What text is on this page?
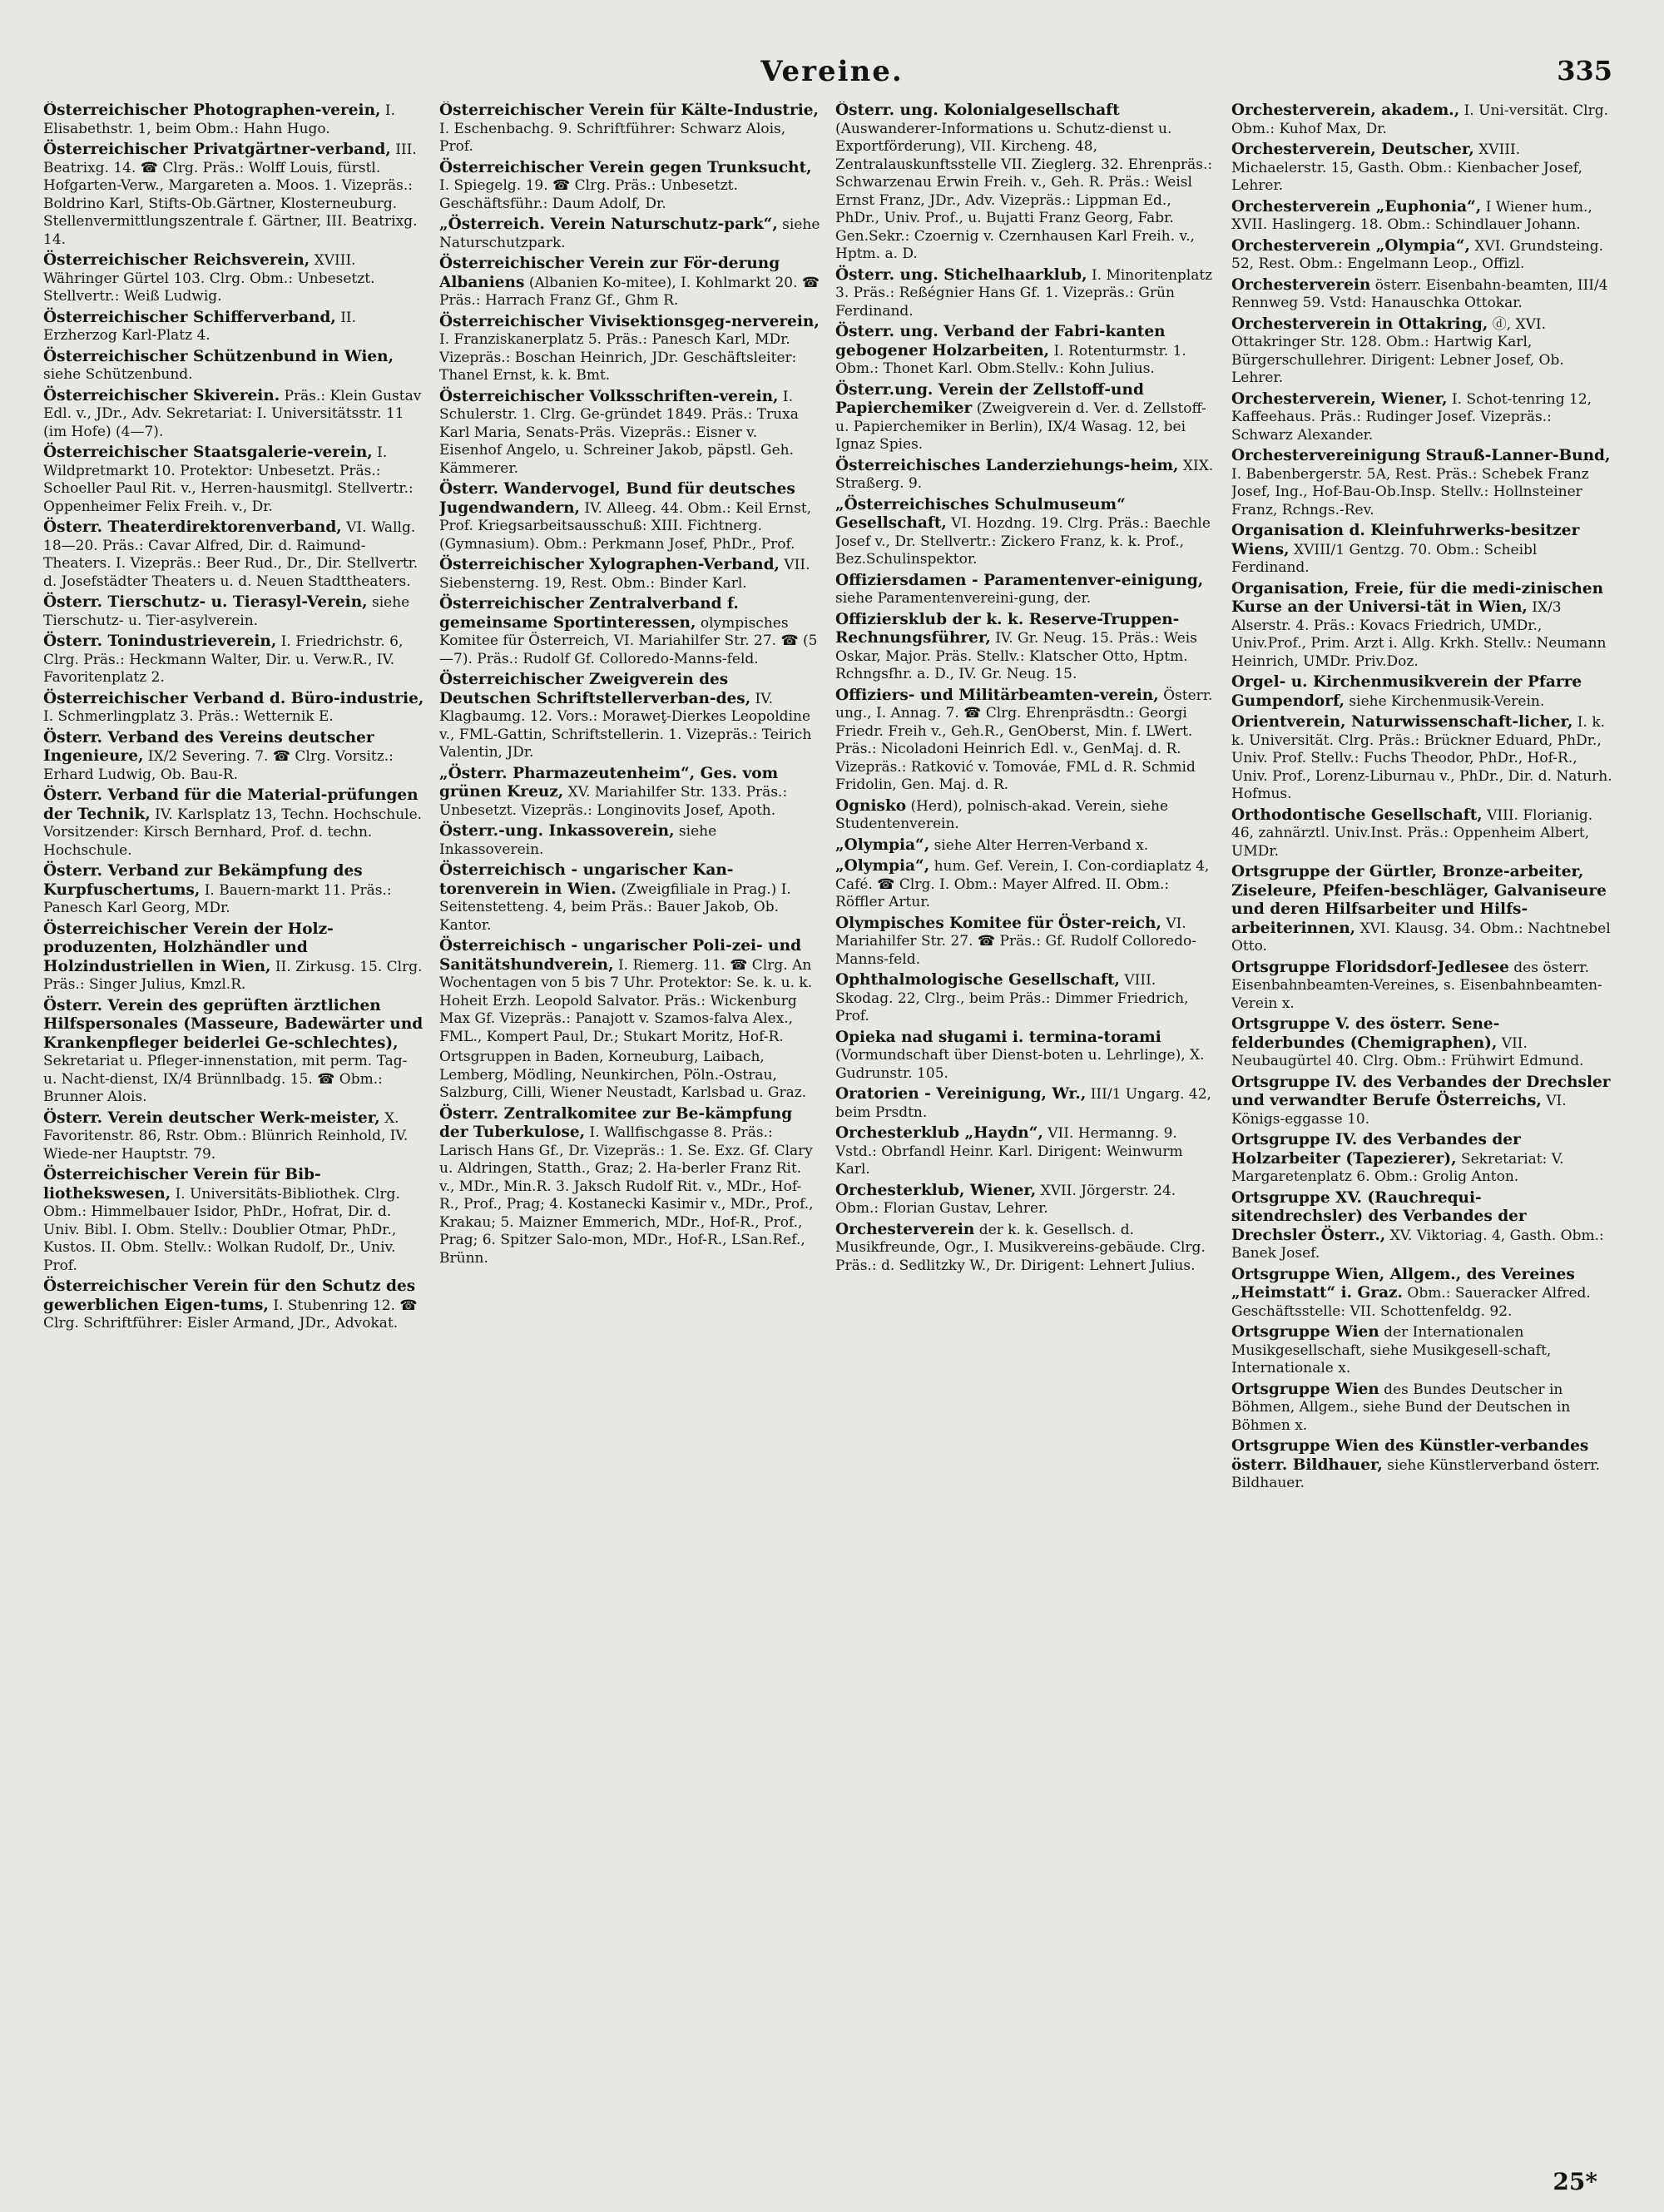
Vereine.	335
Österreichischer Photographen-verein, I. Elisabethstr. 1, beim Obm.: Hahn Hugo.
Österreichischer Privatgärtner-verband, III. Beatrixg. 14. ☎ Clrg. Präs.: Wolff Louis, fürstl. Hofgarten-Verw., Margareten a. Moos. 1. Vizepräs.: Boldrino Karl, Stifts-Ob.Gärtner, Klosterneuburg. Stellenvermittlungszentrale f. Gärtner, III. Beatrixg. 14.
Österreichischer Reichsverein, XVIII. Währinger Gürtel 103. Clrg. Obm.: Unbesetzt. Stellvertr.: Weiß Ludwig.
Österreichischer Schifferverband, II. Erzherzog Karl-Platz 4.
Österreichischer Schützenbund in Wien, siehe Schützenbund.
Österreichischer Skiverein. Präs.: Klein Gustav Edl. v., JDr., Adv. Sekretariat: I. Universitätsstr. 11 (im Hofe) (4—7).
Österreichischer Staatsgalerie-verein, I. Wildpretmarkt 10. Protektor: Unbesetzt. Präs.: Schoeller Paul Rit. v., Herren-hausmitgl. Stellvertr.: Oppenheimer Felix Freih. v., Dr.
Österr. Theaterdirektorenverband, VI. Wallg. 18—20. Präs.: Cavar Alfred, Dir. d. Raimund-Theaters. I. Vizepräs.: Beer Rud., Dr., Dir. Stellvertr. d. Josefstädter Theaters u. d. Neuen Stadttheaters.
Österr. Tierschutz- u. Tierasyl-Verein, siehe Tierschutz- u. Tier-asylverein.
Österr. Tonindustrieverein, I. Friedrichstr. 6, Clrg. Präs.: Heckmann Walter, Dir. u. Verw.R., IV. Favoritenplatz 2.
Österreichischer Verband d. Büro-industrie, I. Schmerlingplatz 3. Präs.: Wetternik E.
Österr. Verband des Vereins deutscher Ingenieure, IX/2 Severing. 7. ☎ Clrg. Vorsitz.: Erhard Ludwig, Ob. Bau-R.
Österr. Verband für die Material-prüfungen der Technik, IV. Karlsplatz 13, Techn. Hochschule. Vorsitzender: Kirsch Bernhard, Prof. d. techn. Hochschule.
Österr. Verband zur Bekämpfung des Kurpfuschertums, I. Bauern-markt 11. Präs.: Panesch Karl Georg, MDr.
Österreichischer Verein der Holz-produzenten, Holzhändler und Holzindustriellen in Wien, II. Zirkusg. 15. Clrg. Präs.: Singer Julius, Kmzl.R.
Österr. Verein des geprüften ärztlichen Hilfspersonales (Masseure, Badewärter und Krankenpfleger beiderlei Ge-schlechtes), Sekretariat u. Pfleger-innenstation, mit perm. Tag- u. Nacht-dienst, IX/4 Brünnlbadg. 15. ☎ Obm.: Brunner Alois.
Österr. Verein deutscher Werk-meister, X. Favoritenstr. 86, Rstr. Obm.: Blünrich Reinhold, IV. Wiede-ner Hauptstr. 79.
Österreichischer Verein für Bib-liothekswesen, I. Universitäts-Bibliothek. Clrg. Obm.: Himmelbauer Isidor, PhDr., Hofrat, Dir. d. Univ. Bibl. I. Obm. Stellv.: Doublier Otmar, PhDr., Kustos. II. Obm. Stellv.: Wolkan Rudolf, Dr., Univ. Prof.
Österreichischer Verein für den Schutz des gewerblichen Eigen-tums, I. Stubenring 12. ☎ Clrg. Schriftführer: Eisler Armand, JDr., Advokat.
Österreichischer Verein für Kälte-Industrie, I. Eschenbachg. 9. Schriftführer: Schwarz Alois, Prof.
Österreichischer Verein gegen Trunksucht, I. Spiegelg. 19. ☎ Clrg. Präs.: Unbesetzt. Geschäftsführ.: Daum Adolf, Dr.
„Österreich. Verein Naturschutz-park“, siehe Naturschutzpark.
Österreichischer Verein zur För-derung Albaniens (Albanien Ko-mitee), I. Kohlmarkt 20. ☎ Präs.: Harrach Franz Gf., Ghm R.
Österreichischer Vivisektionsgeg-nerverein, I. Franziskanerplatz 5. Präs.: Panesch Karl, MDr. Vizepräs.: Boschan Heinrich, JDr. Geschäftsleiter: Thanel Ernst, k. k. Bmt.
Österreichischer Volksschriften-verein, I. Schulerstr. 1. Clrg. Ge-gründet 1849. Präs.: Truxa Karl Maria, Senats-Präs. Vizepräs.: Eisner v. Eisenhof Angelo, u. Schreiner Jakob, päpstl. Geh. Kämmerer.
Österr. Wandervogel, Bund für deutsches Jugendwandern, IV. Alleeg. 44. Obm.: Keil Ernst, Prof. Kriegsarbeitsausschuß: XIII. Fichtnerg. (Gymnasium). Obm.: Perkmann Josef, PhDr., Prof.
Österreichischer Xylographen-Verband, VII. Siebensterng. 19, Rest. Obm.: Binder Karl.
Österreichischer Zentralverband f. gemeinsame Sportinteressen, olympisches Komitee für Österreich, VI. Mariahilfer Str. 27. ☎ (5—7). Präs.: Rudolf Gf. Colloredo-Manns-feld.
Österreichischer Zweigverein des Deutschen Schriftstellerverban-des, IV. Klagbaumg. 12. Vors.: Moraweţ-Dierkes Leopoldine v., FML-Gattin, Schriftstellerin. 1. Vizepräs.: Teirich Valentin, JDr.
„Österr. Pharmazeutenheim“, Ges. vom grünen Kreuz, XV. Mariahilfer Str. 133. Präs.: Unbesetzt. Vizepräs.: Longinovits Josef, Apoth.
Österr.-ung. Inkassoverein, siehe Inkassoverein.
Österreichisch - ungarischer Kan-torenverein in Wien. (Zweigfiliale in Prag.) I. Seitenstetteng. 4, beim Präs.: Bauer Jakob, Ob. Kantor.
Österreichisch - ungarischer Poli-zei- und Sanitätshundverein, I. Riemerg. 11. ☎ Clrg. An Wochentagen von 5 bis 7 Uhr. Protektor: Se. k. u. k. Hoheit Erzh. Leopold Salvator. Präs.: Wickenburg Max Gf. Vizepräs.: Panajott v. Szamos-falva Alex., FML., Kompert Paul, Dr.; Stukart Moritz, Hof-R.
Ortsgruppen in Baden, Korneuburg, Laibach, Lemberg, Mödling, Neunkirchen, Pöln.-Ostrau, Salzburg, Cilli, Wiener Neustadt, Karlsbad u. Graz.
Österr. Zentralkomitee zur Be-kämpfung der Tuberkulose, I. Wallfischgasse 8. Präs.: Larisch Hans Gf., Dr. Vizepräs.: 1. Se. Exz. Gf. Clary u. Aldringen, Statth., Graz; 2. Ha-berler Franz Rit. v., MDr., Min.R. 3. Jaksch Rudolf Rit. v., MDr., Hof-R., Prof., Prag; 4. Kostanecki Kasimir v., MDr., Prof., Krakau; 5. Maizner Emmerich, MDr., Hof-R., Prof., Prag; 6. Spitzer Salo-mon, MDr., Hof-R., LSan.Ref., Brünn.
Österr. ung. Kolonialgesellschaft (Auswanderer-Informations u. Schutz-dienst u. Exportförderung), VII. Kircheng. 48, Zentralauskunftsstelle VII. Zieglerg. 32. Ehrenpräs.: Schwarzenau Erwin Freih. v., Geh. R. Präs.: Weisl Ernst Franz, JDr., Adv. Vizepräs.: Lippman Ed., PhDr., Univ. Prof., u. Bujatti Franz Georg, Fabr. Gen.Sekr.: Czoernig v. Czernhausen Karl Freih. v., Hptm. a. D.
Österr. ung. Stichelhaarklub, I. Minoritenplatz 3. Präs.: Reßégnier Hans Gf. 1. Vizepräs.: Grün Ferdinand.
Österr. ung. Verband der Fabri-kanten gebogener Holzarbeiten, I. Rotenturmstr. 1. Obm.: Thonet Karl. Obm.Stellv.: Kohn Julius.
Österr.ung. Verein der Zellstoff-und Papierchemiker (Zweigverein d. Ver. d. Zellstoff- u. Papierchemiker in Berlin), IX/4 Wasag. 12, bei Ignaz Spies.
Österreichisches Landerziehungs-heim, XIX. Straßerg. 9.
„Österreichisches Schulmuseum“ Gesellschaft, VI. Hozdng. 19. Clrg. Präs.: Baechle Josef v., Dr. Stellvertr.: Zickero Franz, k. k. Prof., Bez.Schulinspektor.
Offiziersdamen - Paramentenver-einigung, siehe Paramentenvereini-gung, der.
Offiziersklub der k. k. Reserve-Truppen-Rechnungsführer, IV. Gr. Neug. 15. Präs.: Weis Oskar, Major. Präs. Stellv.: Klatscher Otto, Hptm. Rchngsfhr. a. D., IV. Gr. Neug. 15.
Offiziers- und Militärbeamten-verein, Österr. ung., I. Annag. 7. ☎ Clrg. Ehrenpräsdtn.: Georgi Friedr. Freih v., Geh.R., GenOberst, Min. f. LWert. Präs.: Nicoladoni Heinrich Edl. v., GenMaj. d. R. Vizepräs.: Ratković v. Tomováe, FML d. R. Schmid Fridolin, Gen. Maj. d. R.
Ognisko (Herd), polnisch-akad. Verein, siehe Studentenverein.
„Olympia“, siehe Alter Herren-Verband x.
„Olympia“, hum. Gef. Verein, I. Con-cordiaplatz 4, Café. ☎ Clrg. I. Obm.: Mayer Alfred. II. Obm.: Röffler Artur.
Olympisches Komitee für Öster-reich, VI. Mariahilfer Str. 27. ☎ Präs.: Gf. Rudolf Colloredo-Manns-feld.
Ophthalmologische Gesellschaft, VIII. Skodag. 22, Clrg., beim Präs.: Dimmer Friedrich, Prof.
Opieka nad sługami i. termina-torami (Vormundschaft über Dienst-boten u. Lehrlinge), X. Gudrunstr. 105.
Oratorien - Vereinigung, Wr., III/1 Ungarg. 42, beim Prsdtn.
Orchesterklub „Haydn“, VII. Hermanng. 9. Vstd.: Obrfandl Heinr. Karl. Dirigent: Weinwurm Karl.
Orchesterklub, Wiener, XVII. Jörgerstr. 24. Obm.: Florian Gustav, Lehrer.
Orchesterverein der k. k. Gesellsch. d. Musikfreunde, Ogr., I. Musikvereins-gebäude. Clrg. Präs.: d. Sedlitzky W., Dr. Dirigent: Lehnert Julius.
Orchesterverein, akadem., I. Uni-versität. Clrg. Obm.: Kuhof Max, Dr.
Orchesterverein, Deutscher, XVIII. Michaelerstr. 15, Gasth. Obm.: Kienbacher Josef, Lehrer.
Orchesterverein „Euphonia“, I Wiener hum., XVII. Haslingerg. 18. Obm.: Schindlauer Johann.
Orchesterverein „Olympia“, XVI. Grundsteing. 52, Rest. Obm.: Engelmann Leop., Offizl.
Orchesterverein österr. Eisenbahn-beamten, III/4 Rennweg 59. Vstd: Hanauschka Ottokar.
Orchesterverein in Ottakring, ⓓ, XVI. Ottakringer Str. 128. Obm.: Hartwig Karl, Bürgerschullehrer. Dirigent: Lebner Josef, Ob. Lehrer.
Orchesterverein, Wiener, I. Schot-tenring 12, Kaffeehaus. Präs.: Rudinger Josef. Vizepräs.: Schwarz Alexander.
Orchestervereinigung Strauß-Lanner-Bund, I. Babenbergerstr. 5A, Rest. Präs.: Schebek Franz Josef, Ing., Hof-Bau-Ob.Insp. Stellv.: Hollnsteiner Franz, Rchngs.-Rev.
Organisation d. Kleinfuhrwerks-besitzer Wiens, XVIII/1 Gentzg. 70. Obm.: Scheibl Ferdinand.
Organisation, Freie, für die medi-zinischen Kurse an der Universi-tät in Wien, IX/3 Alserstr. 4. Präs.: Kovacs Friedrich, UMDr., Univ.Prof., Prim. Arzt i. Allg. Krkh. Stellv.: Neumann Heinrich, UMDr. Priv.Doz.
Orgel- u. Kirchenmusikverein der Pfarre Gumpendorf, siehe Kirchenmusik-Verein.
Orientverein, Naturwissenschaft-licher, I. k. k. Universität. Clrg. Präs.: Brückner Eduard, PhDr., Univ. Prof. Stellv.: Fuchs Theodor, PhDr., Hof-R., Univ. Prof., Lorenz-Liburnau v., PhDr., Dir. d. Naturh. Hofmus.
Orthodontische Gesellschaft, VIII. Florianig. 46, zahnärztl. Univ.Inst. Präs.: Oppenheim Albert, UMDr.
Ortsgruppe der Gürtler, Bronze-arbeiter, Ziseleure, Pfeifen-beschläger, Galvaniseure und deren Hilfsarbeiter und Hilfs-arbeiterinnen, XVI. Klausg. 34. Obm.: Nachtnebel Otto.
Ortsgruppe Floridsdorf-Jedlesee des österr. Eisenbahnbeamten-Vereines, s. Eisenbahnbeamten-Verein x.
Ortsgruppe V. des österr. Sene-felderbundes (Chemigraphen), VII. Neubaugürtel 40. Clrg. Obm.: Frühwirt Edmund.
Ortsgruppe IV. des Verbandes der Drechsler und verwandter Berufe Österreichs, VI. Königs-eggasse 10.
Ortsgruppe IV. des Verbandes der Holzarbeiter (Tapezierer), Sekretariat: V. Margaretenplatz 6. Obm.: Grolig Anton.
Ortsgruppe XV. (Rauchrequi-sitendrechsler) des Verbandes der Drechsler Österr., XV. Viktoriag. 4, Gasth. Obm.: Banek Josef.
Ortsgruppe Wien, Allgem., des Vereines „Heimstatt“ i. Graz. Obm.: Saueracker Alfred. Geschäftsstelle: VII. Schottenfeldg. 92.
Ortsgruppe Wien der Internationalen Musikgesellschaft, siehe Musikgesell-schaft, Internationale x.
Ortsgruppe Wien des Bundes Deutscher in Böhmen, Allgem., siehe Bund der Deutschen in Böhmen x.
Ortsgruppe Wien des Künstler-verbandes österr. Bildhauer, siehe Künstlerverband österr. Bildhauer.
25*
